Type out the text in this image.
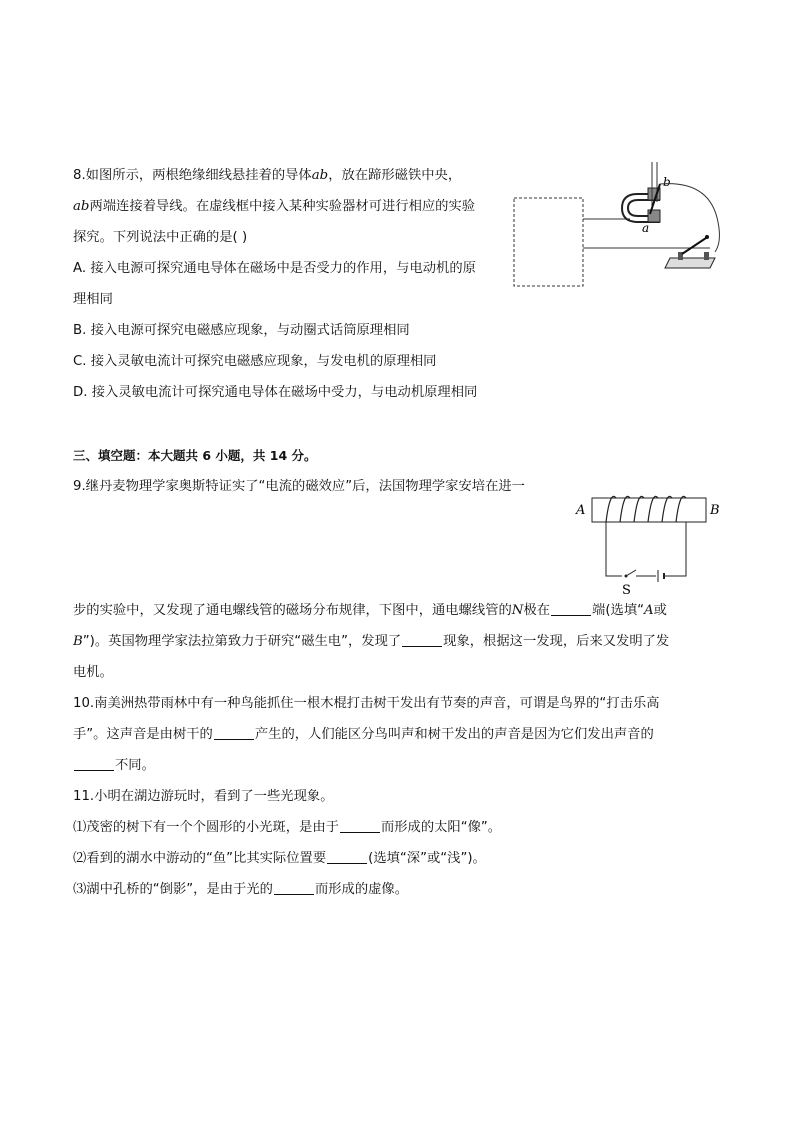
8.如图所示，两根绝缘细线悬挂着的导体ab，放在蹄形磁铁中央，
ab两端连接着导线。在虚线框中接入某种实验器材可进行相应的实验
探究。下列说法中正确的是( )
A. 接入电源可探究通电导体在磁场中是否受力的作用，与电动机的原
理相同
B. 接入电源可探究电磁感应现象，与动圈式话筒原理相同
C. 接入灵敏电流计可探究电磁感应现象，与发电机的原理相同
D. 接入灵敏电流计可探究通电导体在磁场中受力，与电动机原理相同
b
a
三、填空题：本大题共 6 小题，共 14 分。
9.继丹麦物理学家奥斯特证实了“电流的磁效应”后，法国物理学家安培在进一
A	B
S
步的实验中，又发现了通电螺线管的磁场分布规律，下图中，通电螺线管的N极在	端(选填“A或
B”)。英国物理学家法拉第致力于研究“磁生电”，发现了	现象，根据这一发现，后来又发明了发
电机。
10.南美洲热带雨林中有一种鸟能抓住一根木棍打击树干发出有节奏的声音，可谓是鸟界的“打击乐高
手”。这声音是由树干的	产生的，人们能区分鸟叫声和树干发出的声音是因为它们发出声音的
不同。
11.小明在湖边游玩时，看到了一些光现象。
⑴茂密的树下有一个个圆形的小光斑，是由于	而形成的太阳“像”。
⑵看到的湖水中游动的“鱼”比其实际位置要	(选填“深”或“浅”)。
⑶湖中孔桥的“倒影”，是由于光的	而形成的虚像。
